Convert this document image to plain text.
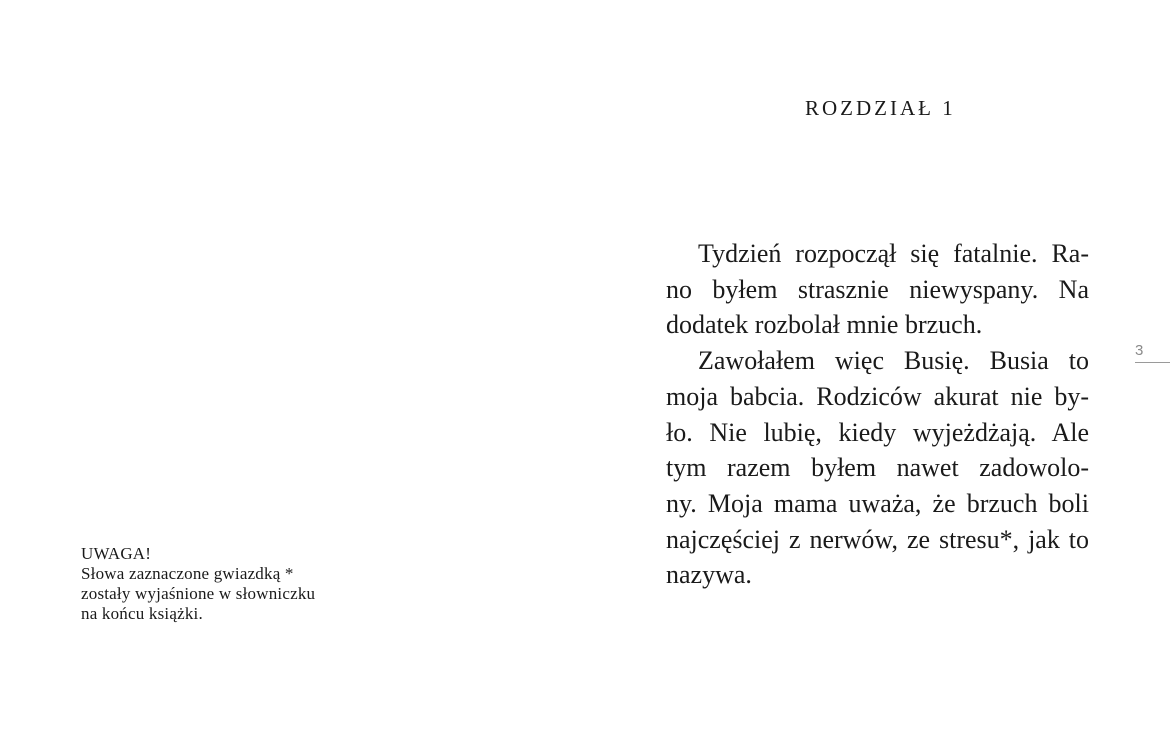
UWAGA!
Słowa zaznaczone gwiazdką *
zostały wyjaśnione w słowniczku
na końcu książki.
ROZDZIAŁ 1
Tydzień rozpoczął się fatalnie. Ra-
no byłem strasznie niewyspany. Na
dodatek rozbolał mnie brzuch.
Zawołałem więc Busię. Busia to
moja babcia. Rodziców akurat nie by-
ło. Nie lubię, kiedy wyjeżdżają. Ale
tym razem byłem nawet zadowolo-
ny. Moja mama uważa, że brzuch boli
najczęściej z nerwów, ze stresu*, jak to
nazywa.
3
